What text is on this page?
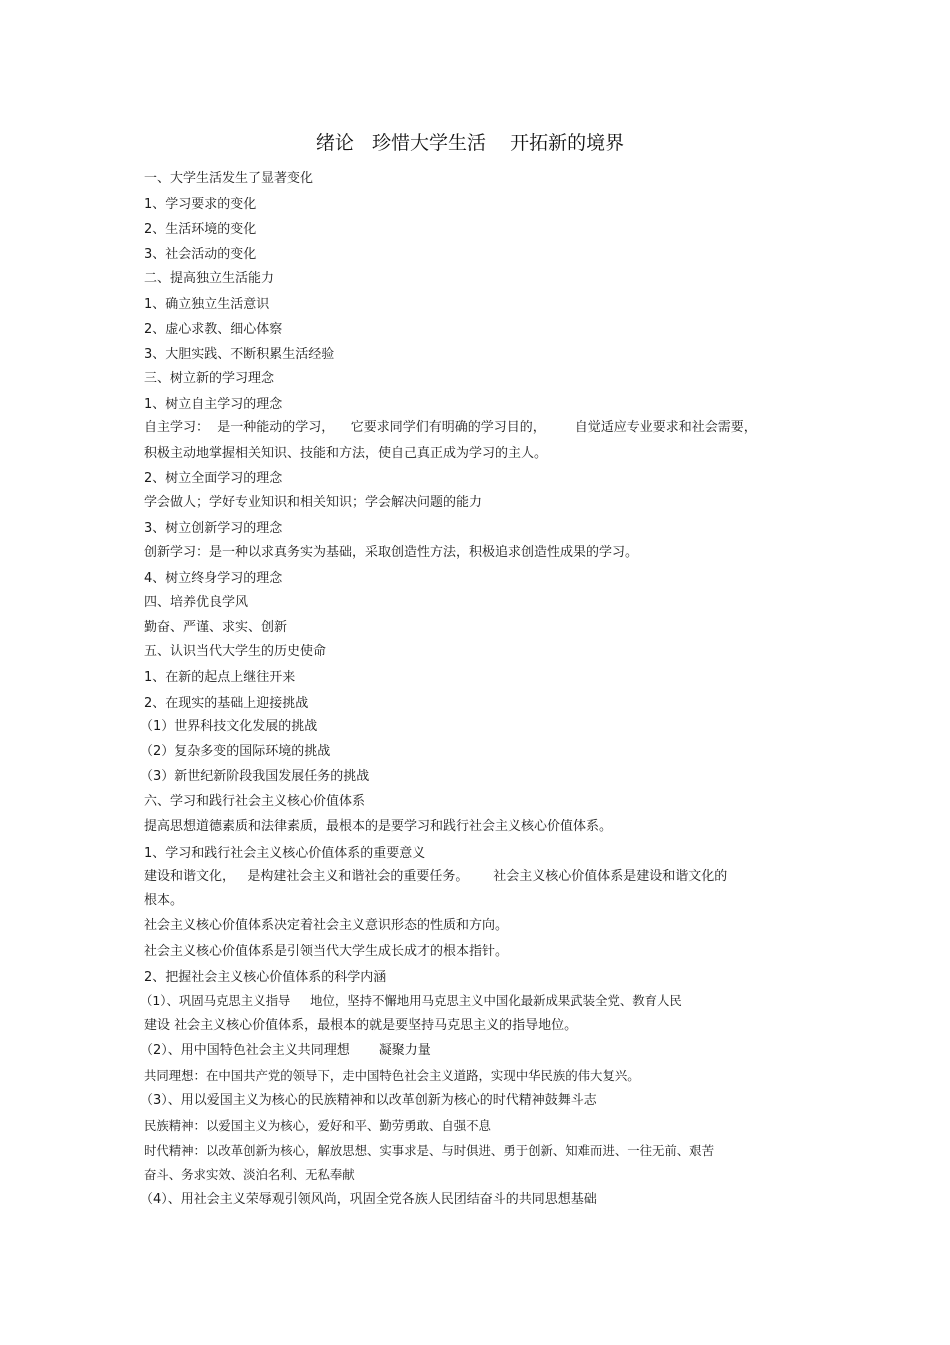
绪论   珍惜大学生活    开拓新的境界
一、大学生活发生了显著变化
1、学习要求的变化
2、生活环境的变化
3、社会活动的变化
二、提高独立生活能力
1、确立独立生活意识
2、虚心求教、细心体察
3、大胆实践、不断积累生活经验
三、树立新的学习理念
1、树立自主学习的理念
自主学习：  是一种能动的学习，    它要求同学们有明确的学习目的，       自觉适应专业要求和社会需要，
积极主动地掌握相关知识、技能和方法，使自己真正成为学习的主人。
2、树立全面学习的理念
学会做人；学好专业知识和相关知识；学会解决问题的能力
3、树立创新学习的理念
创新学习：是一种以求真务实为基础，采取创造性方法，积极追求创造性成果的学习。
4、树立终身学习的理念
四、培养优良学风
勤奋、严谨、求实、创新
五、认识当代大学生的历史使命
1、在新的起点上继往开来
2、在现实的基础上迎接挑战
（1）世界科技文化发展的挑战
（2）复杂多变的国际环境的挑战
（3）新世纪新阶段我国发展任务的挑战
六、学习和践行社会主义核心价值体系
提高思想道德素质和法律素质，最根本的是要学习和践行社会主义核心价值体系。
1、学习和践行社会主义核心价值体系的重要意义
建设和谐文化，   是构建社会主义和谐社会的重要任务。      社会主义核心价值体系是建设和谐文化的
根本。
社会主义核心价值体系决定着社会主义意识形态的性质和方向。
社会主义核心价值体系是引领当代大学生成长成才的根本指针。
2、把握社会主义核心价值体系的科学内涵
（1）、巩固马克思主义指导     地位，坚持不懈地用马克思主义中国化最新成果武装全党、教育人民
建设 社会主义核心价值体系，最根本的就是要坚持马克思主义的指导地位。
（2）、用中国特色社会主义共同理想       凝聚力量
共同理想：在中国共产党的领导下，走中国特色社会主义道路，实现中华民族的伟大复兴。
（3）、用以爱国主义为核心的民族精神和以改革创新为核心的时代精神鼓舞斗志
民族精神：以爱国主义为核心，爱好和平、勤劳勇敢、自强不息
时代精神：以改革创新为核心，解放思想、实事求是、与时俱进、勇于创新、知难而进、一往无前、艰苦
奋斗、务求实效、淡泊名利、无私奉献
（4）、用社会主义荣辱观引领风尚，巩固全党各族人民团结奋斗的共同思想基础
